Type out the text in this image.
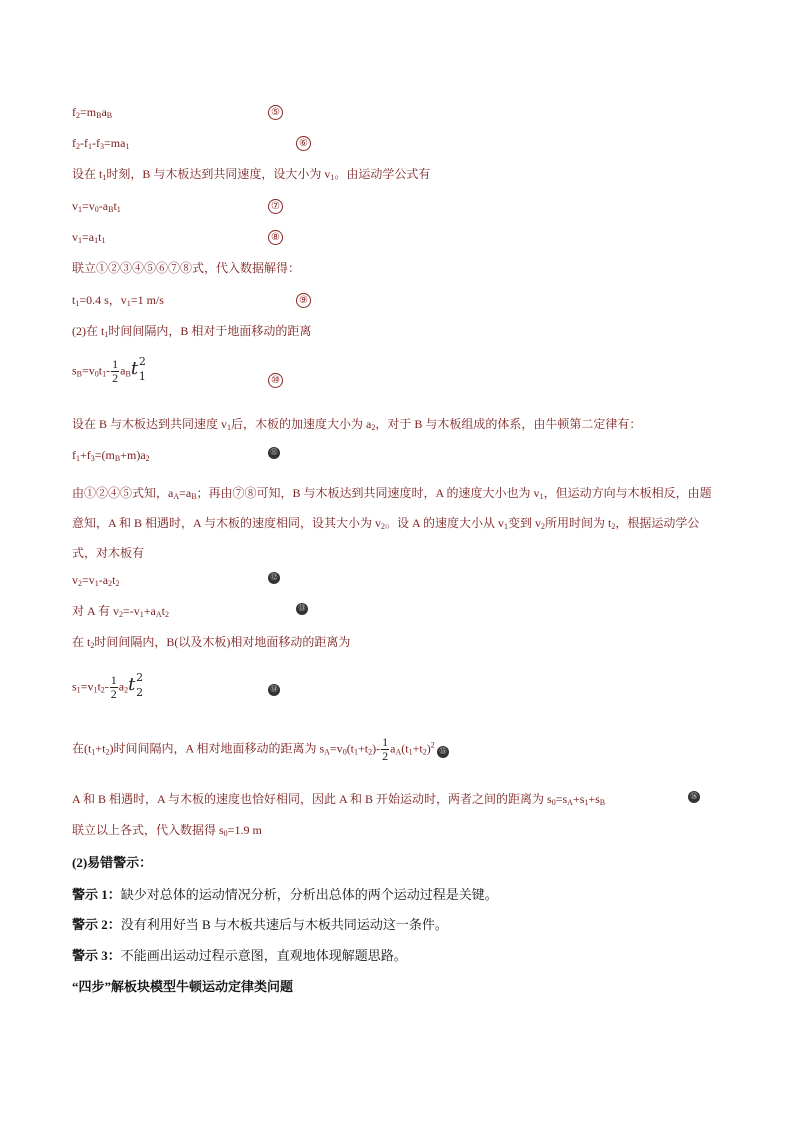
$f_2=m_Ba_B$	⑤
$f_2-f_1-f_3=ma_1$	⑥
设在 $t_1$时刻，B 与木板达到共同速度，设大小为 $v_1$。由运动学公式有
$v_1=v_0-a_Bt_1$	⑦
$v_1=a_1t_1$	⑧
联立①②③④⑤⑥⑦⑧式，代入数据解得：
$t_1=0.4$ s，$v_1=1$ m/s	⑨
(2)在 $t_1$时间间隔内，B 相对于地面移动的距离
$s_B=v_0t_1- \frac{1}{2} a_Bt$ 2
1	⑩
设在 B 与木板达到共同速度 $v_1$后，木板的加速度大小为 $a_2$，对于 B 与木板组成的体系，由牛顿第二定律有：
$f_1+f_3=(m_B+m)a_2$
⑪
由①②④⑤式知，$a_A=a_B$；再由⑦⑧可知，B 与木板达到共同速度时，A 的速度大小也为 $v_1$，但运动方向与木板相反，由题意知，A 和 B 相遇时，A 与木板的速度相同，设其大小为 $v_2$。设 A 的速度大小从 $v_1$变到 $v_2$所用时间为 $t_2$，根据运动学公式，对木板有
$v_2=v_1-a_2t_2$
⑫
对 A 有 $v_2=-v_1+a_At_2$
⑬
在 $t_2$时间间隔内，B(以及木板)相对地面移动的距离为
$s_1=v_1t_2- \frac{1}{2} a_2t$ 2
2	⑭
在$(t_1+t_2)$时间间隔内，A 相对地面移动的距离为 $s_A=v_0(t_1+t_2)- \frac{1}{2} a_A(t_1+t_2)^2$
⑮
A 和 B 相遇时，A 与木板的速度也恰好相同，因此 A 和 B 开始运动时，两者之间的距离为 $s_0=s_A+s_1+s_B$
⑯
联立以上各式，代入数据得 $s_0=1.9$ m
(2)易错警示：
警示 1：缺少对总体的运动情况分析，分析出总体的两个运动过程是关键。
警示 2：没有利用好当 B 与木板共速后与木板共同运动这一条件。
警示 3：不能画出运动过程示意图，直观地体现解题思路。
“四步”解板块模型牛顿运动定律类问题
